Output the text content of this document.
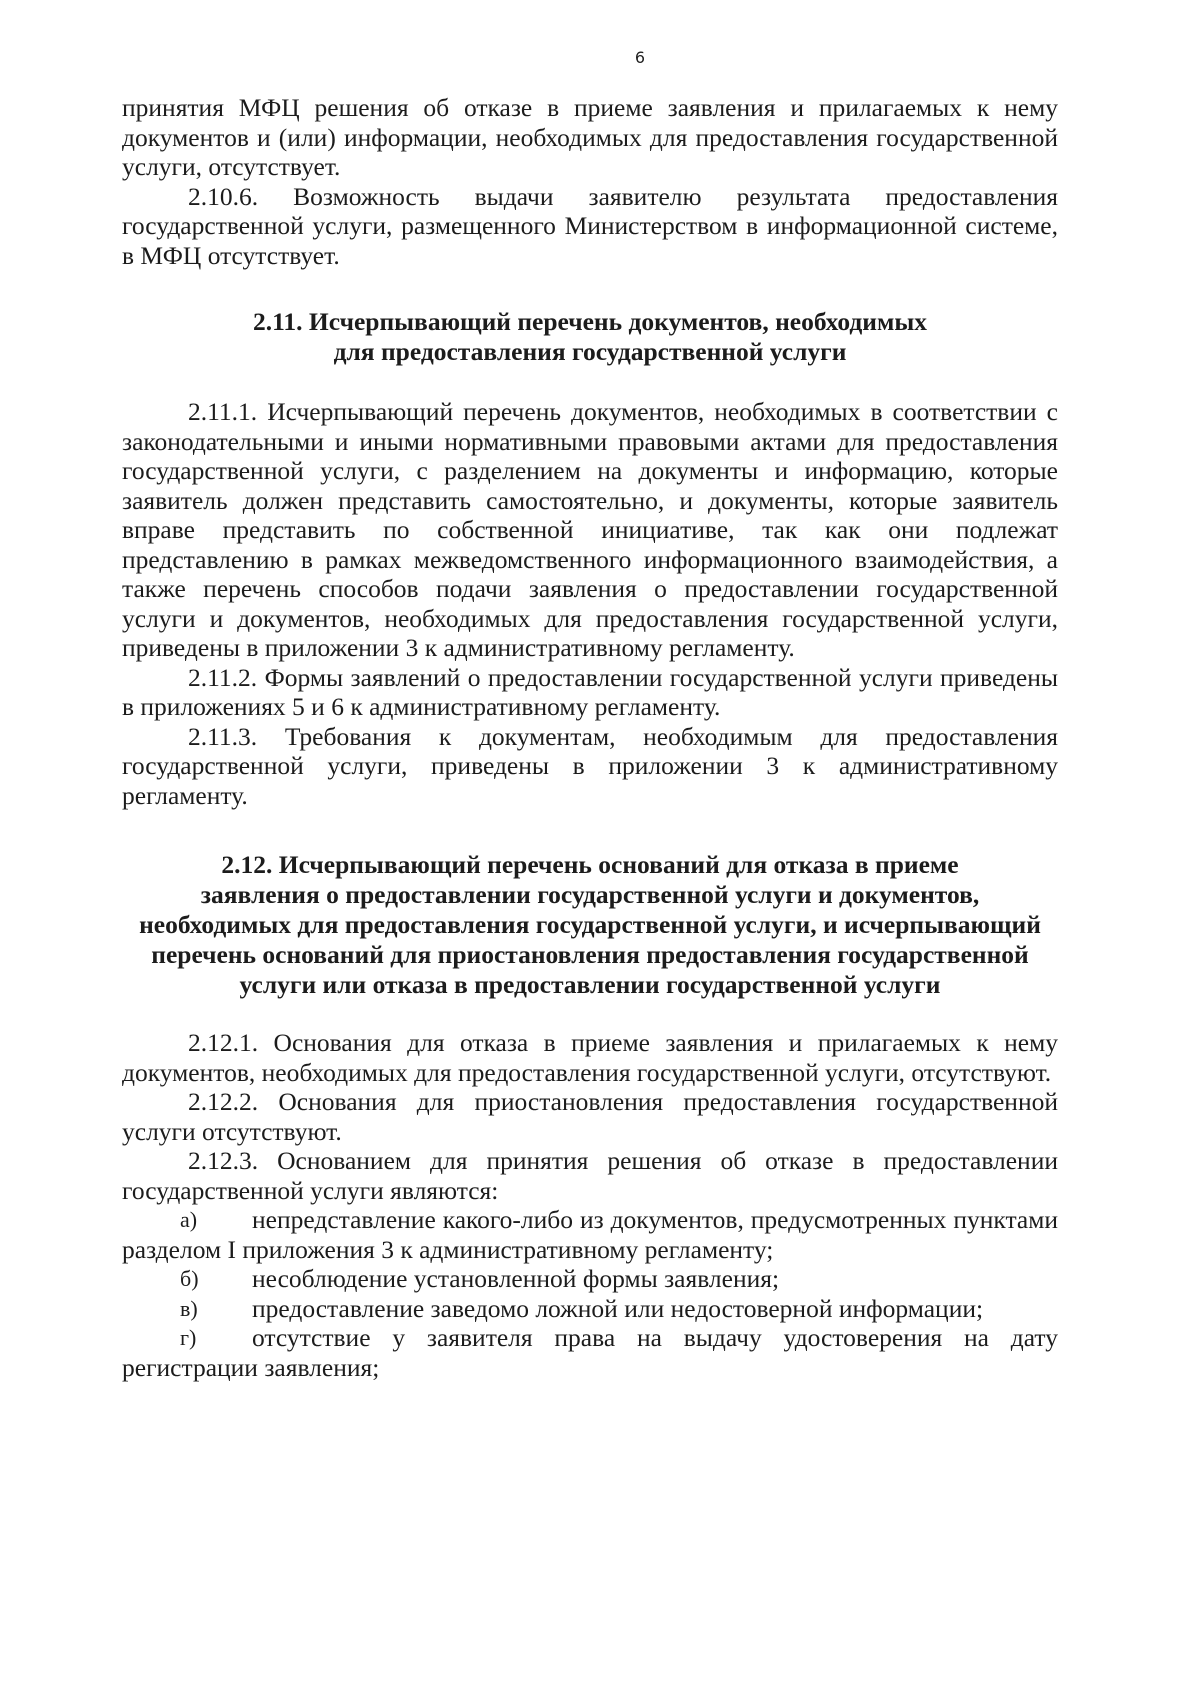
6

принятия МФЦ решения об отказе в приеме заявления и прилагаемых к нему документов и (или) информации, необходимых для предоставления государственной услуги, отсутствует.

2.10.6. Возможность выдачи заявителю результата предоставления государственной услуги, размещенного Министерством в информационной системе, в МФЦ отсутствует.

2.11. Исчерпывающий перечень документов, необходимых
для предоставления государственной услуги

2.11.1. Исчерпывающий перечень документов, необходимых в соответствии с законодательными и иными нормативными правовыми актами для предоставления государственной услуги, с разделением на документы и информацию, которые заявитель должен представить самостоятельно, и документы, которые заявитель вправе представить по собственной инициативе, так как они подлежат представлению в рамках межведомственного информационного взаимодействия, а также перечень способов подачи заявления о предоставлении государственной услуги и документов, необходимых для предоставления государственной услуги, приведены в приложении 3 к административному регламенту.

2.11.2. Формы заявлений о предоставлении государственной услуги приведены в приложениях 5 и 6 к административному регламенту.

2.11.3. Требования к документам, необходимым для предоставления государственной услуги, приведены в приложении 3 к административному регламенту.

2.12. Исчерпывающий перечень оснований для отказа в приеме
заявления о предоставлении государственной услуги и документов,
необходимых для предоставления государственной услуги, и исчерпывающий
перечень оснований для приостановления предоставления государственной
услуги или отказа в предоставлении государственной услуги

2.12.1. Основания для отказа в приеме заявления и прилагаемых к нему документов, необходимых для предоставления государственной услуги, отсутствуют.

2.12.2. Основания для приостановления предоставления государственной услуги отсутствуют.

2.12.3. Основанием для принятия решения об отказе в предоставлении государственной услуги являются:

а) непредставление какого-либо из документов, предусмотренных пунктами разделом I приложения 3 к административному регламенту;

б) несоблюдение установленной формы заявления;

в) предоставление заведомо ложной или недостоверной информации;

г) отсутствие у заявителя права на выдачу удостоверения на дату регистрации заявления;
